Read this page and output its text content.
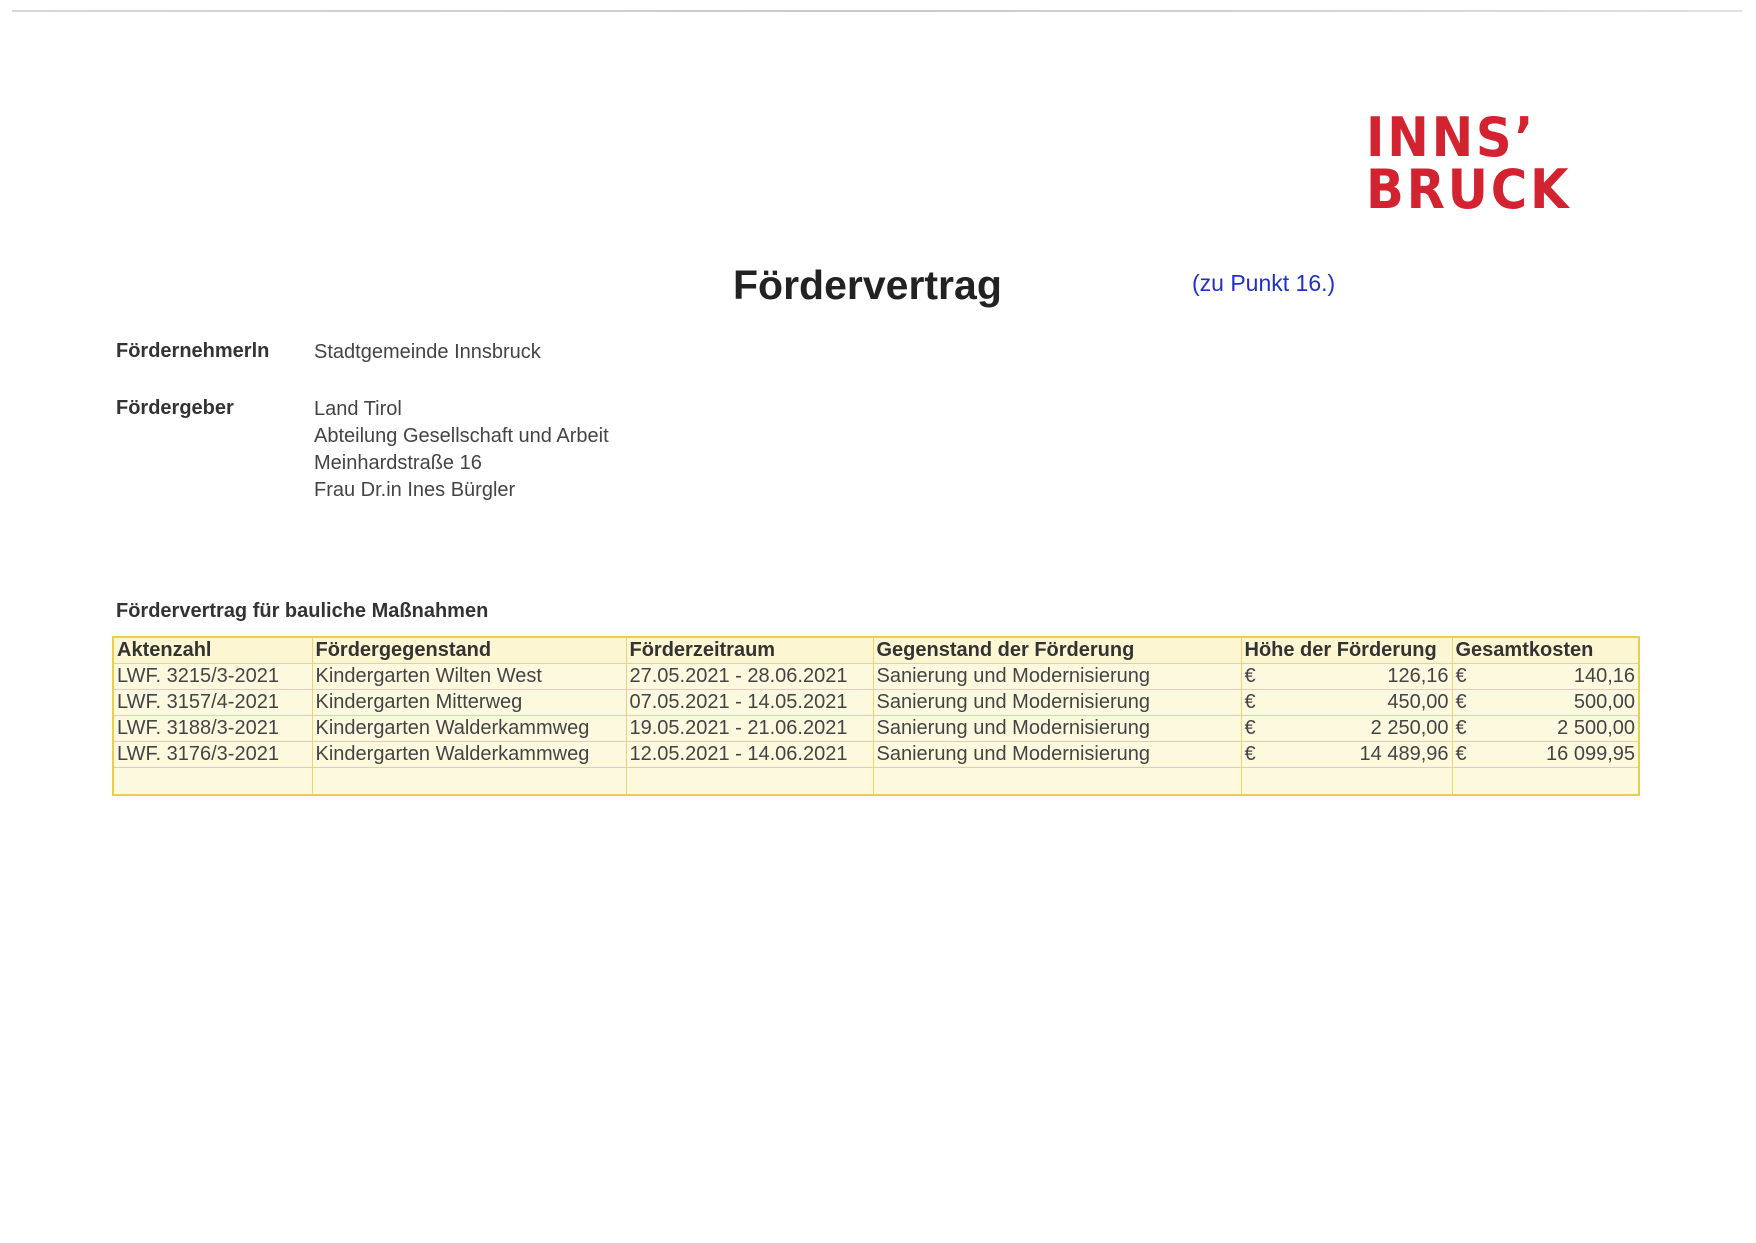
INNS’
BRUCK
Fördervertrag	(zu Punkt 16.)
Fördernehmerln Stadtgemeinde Innsbruck
Fördergeber	Land Tirol
Abteilung Gesellschaft und Arbeit
Meinhardstraße 16
Frau Dr.in Ines Bürgler
Fördervertrag für bauliche Maßnahmen
Aktenzahl	Fördergegenstand	Förderzeitraum	Gegenstand der Förderung	Höhe der Förderung		Gesamtkosten	
LWF. 3215/3-2021	Kindergarten Wilten West	27.05.2021 - 28.06.2021	Sanierung und Modernisierung	€	126,16	€	140,16
LWF. 3157/4-2021	Kindergarten Mitterweg	07.05.2021 - 14.05.2021	Sanierung und Modernisierung	€	450,00	€	500,00
LWF. 3188/3-2021	Kindergarten Walderkammweg	19.05.2021 - 21.06.2021	Sanierung und Modernisierung	€	2 250,00	€	2 500,00
LWF. 3176/3-2021	Kindergarten Walderkammweg	12.05.2021 - 14.06.2021	Sanierung und Modernisierung	€	14 489,96	€	16 099,95
